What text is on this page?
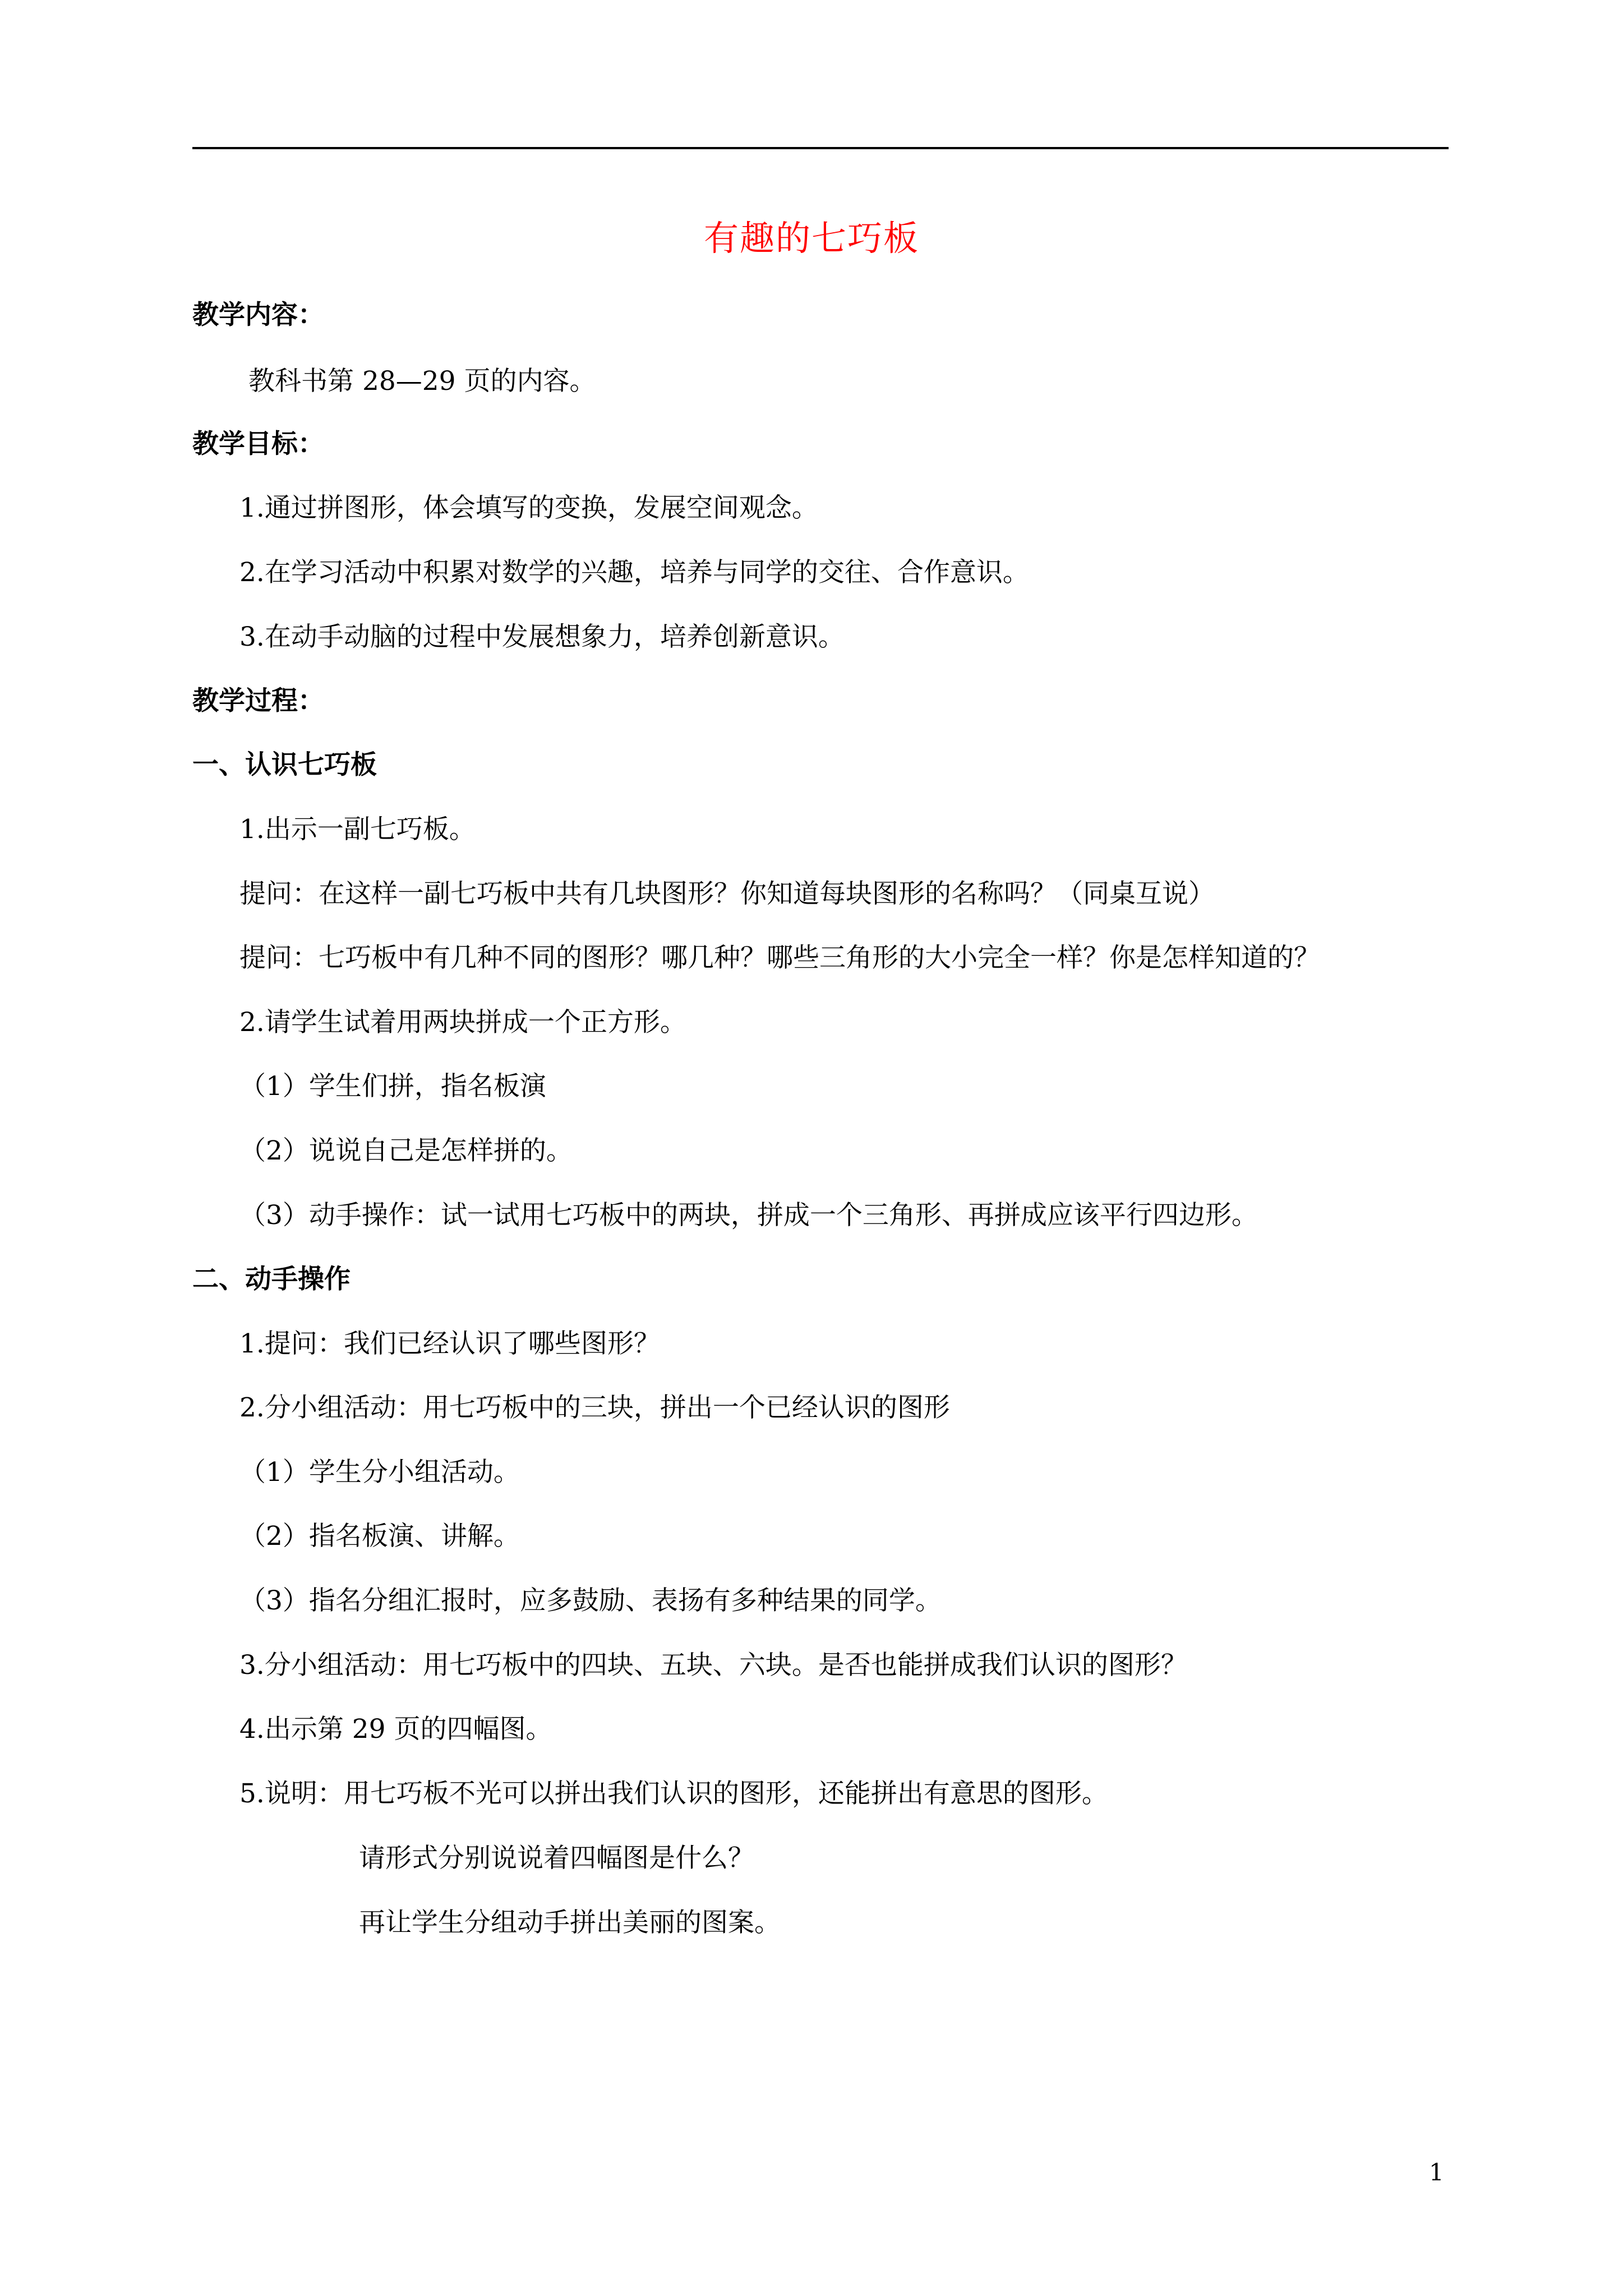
有趣的七巧板
教学内容：
教科书第 28—29 页的内容。
教学目标：
1.通过拼图形，体会填写的变换，发展空间观念。
2.在学习活动中积累对数学的兴趣，培养与同学的交往、合作意识。
3.在动手动脑的过程中发展想象力，培养创新意识。
教学过程：
一、认识七巧板
1.出示一副七巧板。
提问：在这样一副七巧板中共有几块图形？你知道每块图形的名称吗？（同桌互说）
提问：七巧板中有几种不同的图形？哪几种？哪些三角形的大小完全一样？你是怎样知道的？
2.请学生试着用两块拼成一个正方形。
（1）学生们拼，指名板演
（2）说说自己是怎样拼的。
（3）动手操作：试一试用七巧板中的两块，拼成一个三角形、再拼成应该平行四边形。
二、动手操作
1.提问：我们已经认识了哪些图形？
2.分小组活动：用七巧板中的三块，拼出一个已经认识的图形
（1）学生分小组活动。
（2）指名板演、讲解。
（3）指名分组汇报时，应多鼓励、表扬有多种结果的同学。
3.分小组活动：用七巧板中的四块、五块、六块。是否也能拼成我们认识的图形？
4.出示第 29 页的四幅图。
5.说明：用七巧板不光可以拼出我们认识的图形，还能拼出有意思的图形。
请形式分别说说着四幅图是什么？
再让学生分组动手拼出美丽的图案。
1
